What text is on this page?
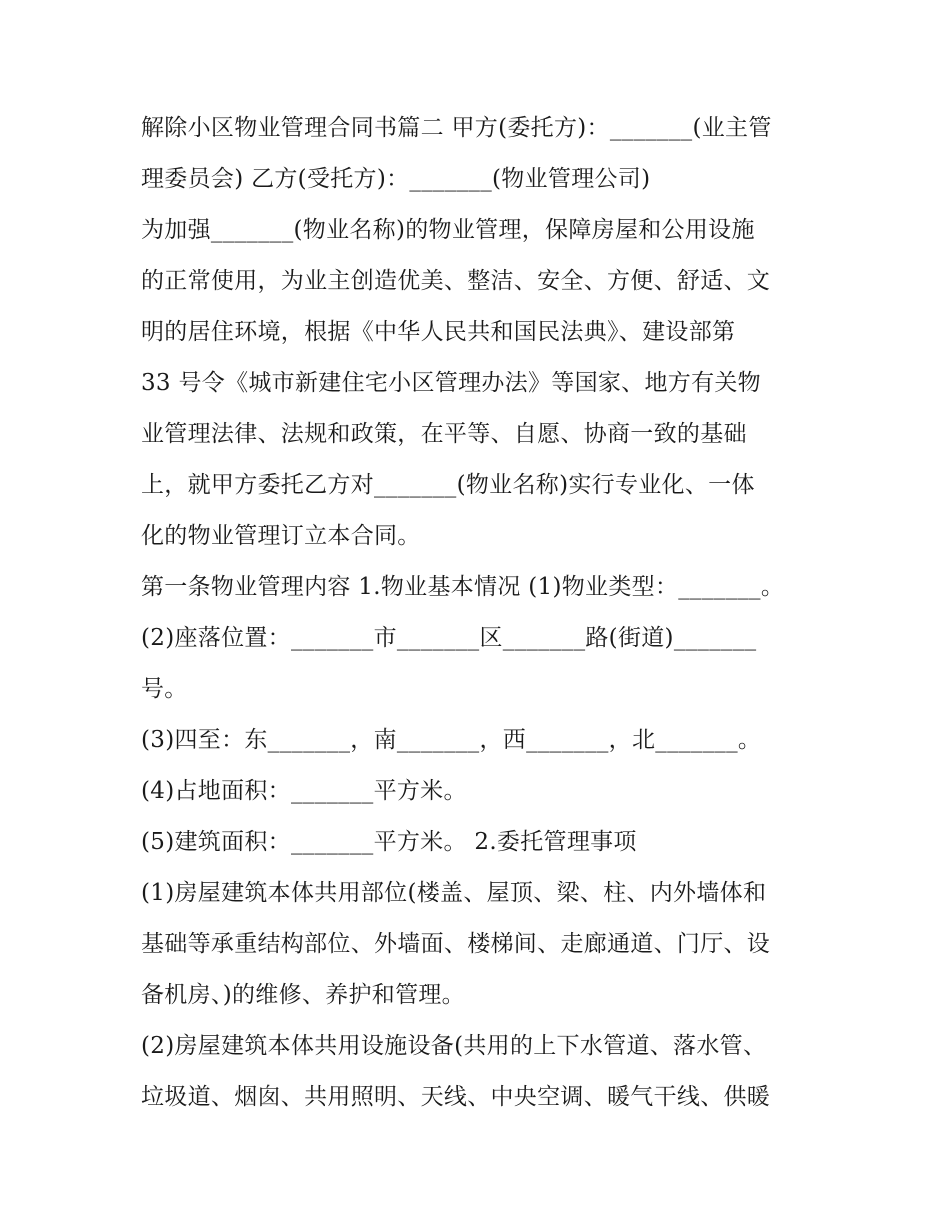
解除小区物业管理合同书篇二 甲方(委托方)：_______(业主管
理委员会) 乙方(受托方)：_______(物业管理公司)
为加强_______(物业名称)的物业管理，保障房屋和公用设施
的正常使用，为业主创造优美、整洁、安全、方便、舒适、文
明的居住环境，根据《中华人民共和国民法典》、建设部第
33 号令《城市新建住宅小区管理办法》等国家、地方有关物
业管理法律、法规和政策，在平等、自愿、协商一致的基础
上，就甲方委托乙方对_______(物业名称)实行专业化、一体
化的物业管理订立本合同。
第一条物业管理内容 1.物业基本情况 (1)物业类型：_______。
(2)座落位置：_______市_______区_______路(街道)_______
号。
(3)四至：东_______，南_______，西_______，北_______。
(4)占地面积：_______平方米。
(5)建筑面积：_______平方米。 2.委托管理事项
(1)房屋建筑本体共用部位(楼盖、屋顶、梁、柱、内外墙体和
基础等承重结构部位、外墙面、楼梯间、走廊通道、门厅、设
备机房、)的维修、养护和管理。
(2)房屋建筑本体共用设施设备(共用的上下水管道、落水管、
垃圾道、烟囱、共用照明、天线、中央空调、暖气干线、供暖
